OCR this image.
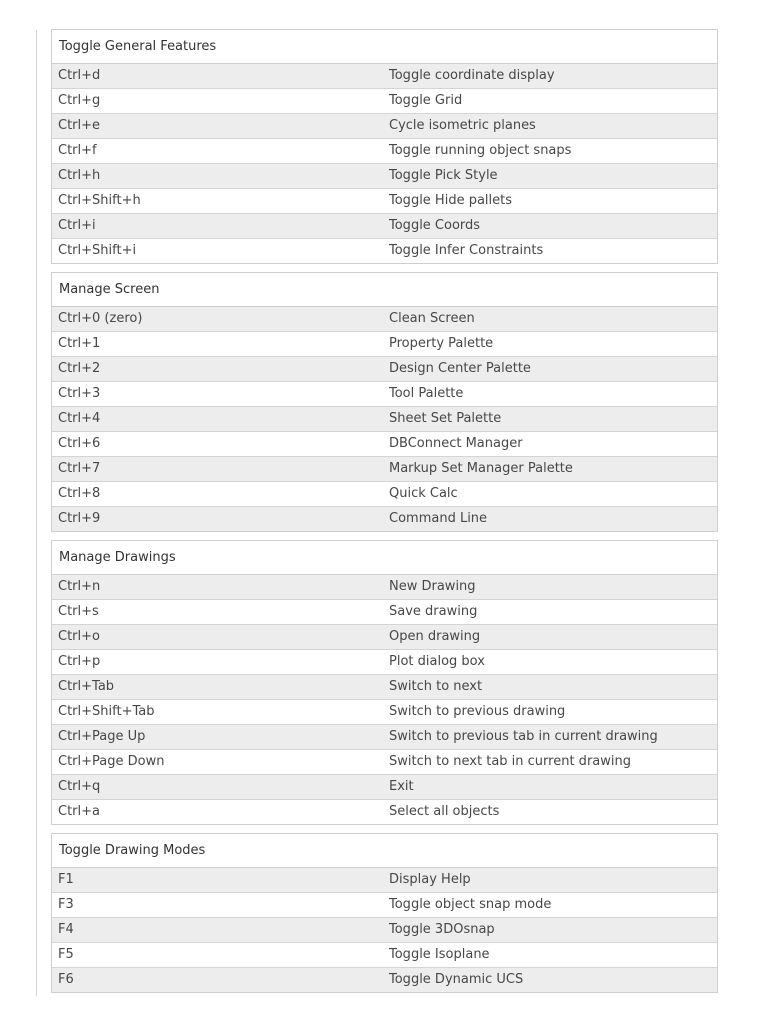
Toggle General Features
Ctrl+d	Toggle coordinate display
Ctrl+g	Toggle Grid
Ctrl+e	Cycle isometric planes
Ctrl+f	Toggle running object snaps
Ctrl+h	Toggle Pick Style
Ctrl+Shift+h	Toggle Hide pallets
Ctrl+i	Toggle Coords
Ctrl+Shift+i	Toggle Infer Constraints
Manage Screen
Ctrl+0 (zero)	Clean Screen
Ctrl+1	Property Palette
Ctrl+2	Design Center Palette
Ctrl+3	Tool Palette
Ctrl+4	Sheet Set Palette
Ctrl+6	DBConnect Manager
Ctrl+7	Markup Set Manager Palette
Ctrl+8	Quick Calc
Ctrl+9	Command Line
Manage Drawings
Ctrl+n	New Drawing
Ctrl+s	Save drawing
Ctrl+o	Open drawing
Ctrl+p	Plot dialog box
Ctrl+Tab	Switch to next
Ctrl+Shift+Tab	Switch to previous drawing
Ctrl+Page Up	Switch to previous tab in current drawing
Ctrl+Page Down	Switch to next tab in current drawing
Ctrl+q	Exit
Ctrl+a	Select all objects
Toggle Drawing Modes
F1	Display Help
F3	Toggle object snap mode
F4	Toggle 3DOsnap
F5	Toggle Isoplane
F6	Toggle Dynamic UCS
